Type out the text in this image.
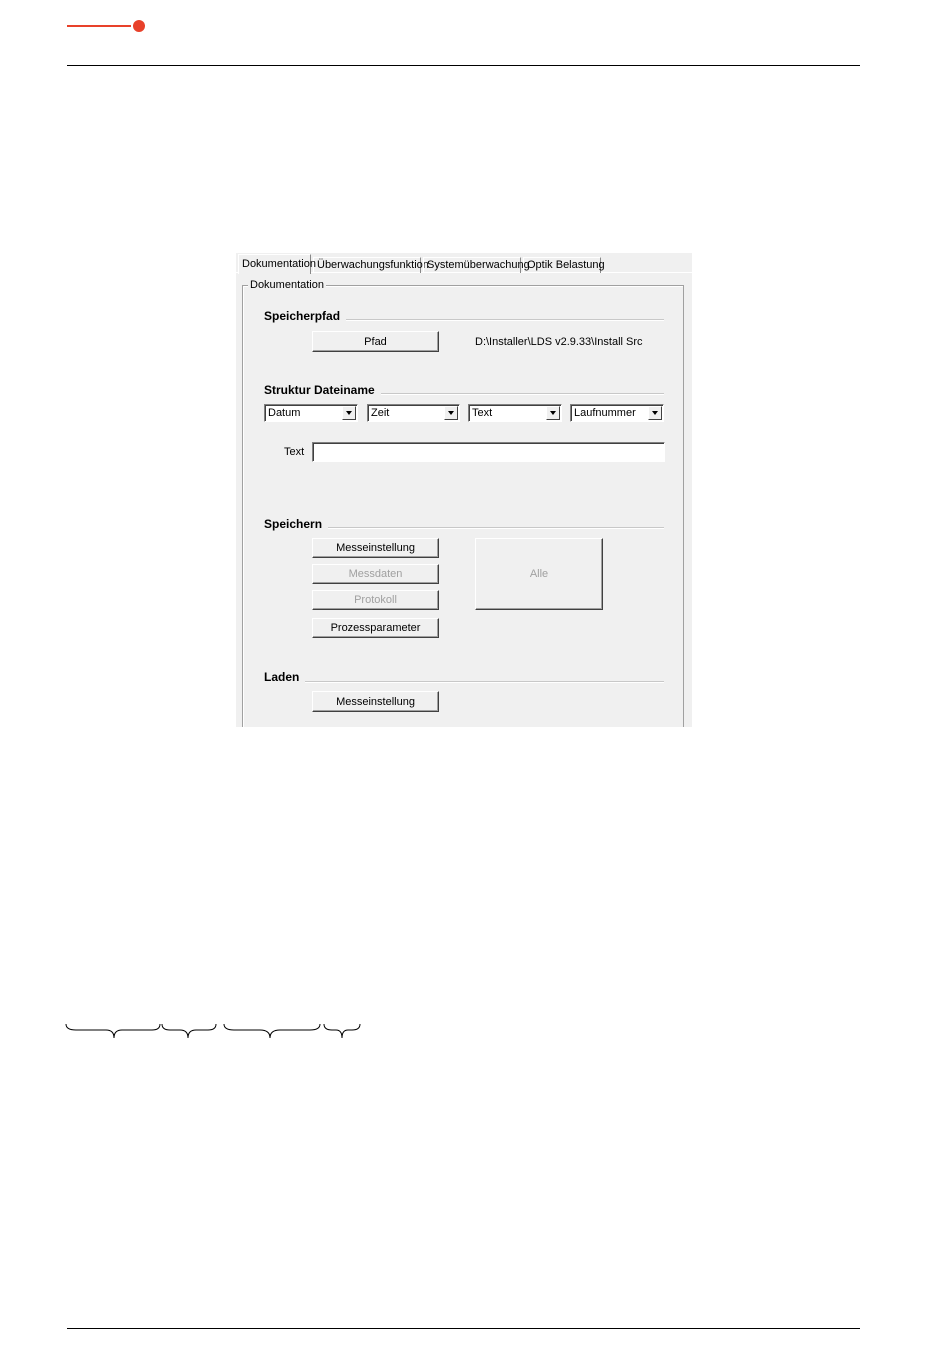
Dokumentation Überwachungsfunktion
Systemüberwachung
Optik Belastung
Dokumentation
Speicherpfad
Pfad	D:\Installer\LDS v2.9.33\Install Src
Struktur Dateiname
Datum	Zeit	Text	Laufnummer
Text
Speichern
Messeinstellung
Messdaten
Protokoll
Prozessparameter
Alle
Laden
Messeinstellung
